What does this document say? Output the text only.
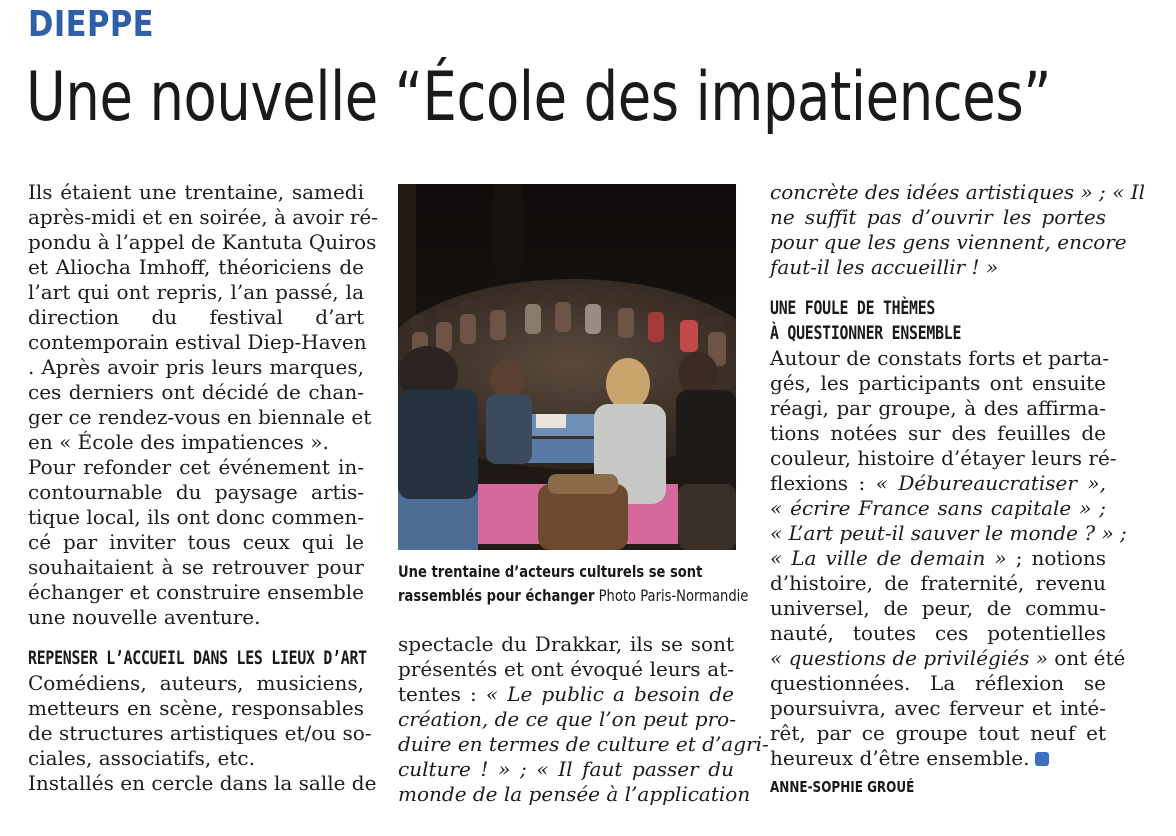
DIEPPE
Une nouvelle “École des impatiences”
Ils étaient une trentaine, samedi
après-midi et en soirée, à avoir ré-
pondu à l’appel de Kantuta Quiros
et Aliocha Imhoff, théoriciens de
l’art qui ont repris, l’an passé, la
direction du festival d’art
contemporain estival Diep-Haven
. Après avoir pris leurs marques,
ces derniers ont décidé de chan-
ger ce rendez-vous en biennale et
en « École des impatiences ».
Pour refonder cet événement in-
contournable du paysage artis-
tique local, ils ont donc commen-
cé par inviter tous ceux qui le
souhaitaient à se retrouver pour
échanger et construire ensemble
une nouvelle aventure.
REPENSER L’ACCUEIL DANS LES LIEUX D’ART
Comédiens, auteurs, musiciens,
metteurs en scène, responsables
de structures artistiques et/ou so-
ciales, associatifs, etc.
Installés en cercle dans la salle de
Une trentaine d’acteurs culturels se sont
rassemblés pour échanger Photo Paris-Normandie
spectacle du Drakkar, ils se sont
présentés et ont évoqué leurs at-
tentes : « Le public a besoin de
création, de ce que l’on peut pro-
duire en termes de culture et d’agri-
culture ! » ; « Il faut passer du
monde de la pensée à l’application
concrète des idées artistiques » ; « Il
ne suffit pas d’ouvrir les portes
pour que les gens viennent, encore
faut-il les accueillir ! »
UNE FOULE DE THÈMES
À QUESTIONNER ENSEMBLE
Autour de constats forts et parta-
gés, les participants ont ensuite
réagi, par groupe, à des affirma-
tions notées sur des feuilles de
couleur, histoire d’étayer leurs ré-
flexions : « Débureaucratiser »,
« écrire France sans capitale » ;
« L’art peut-il sauver le monde ? » ;
« La ville de demain » ; notions
d’histoire, de fraternité, revenu
universel, de peur, de commu-
nauté, toutes ces potentielles
« questions de privilégiés » ont été
questionnées. La réflexion se
poursuivra, avec ferveur et inté-
rêt, par ce groupe tout neuf et
heureux d’être ensemble.
ANNE-SOPHIE GROUÉ
